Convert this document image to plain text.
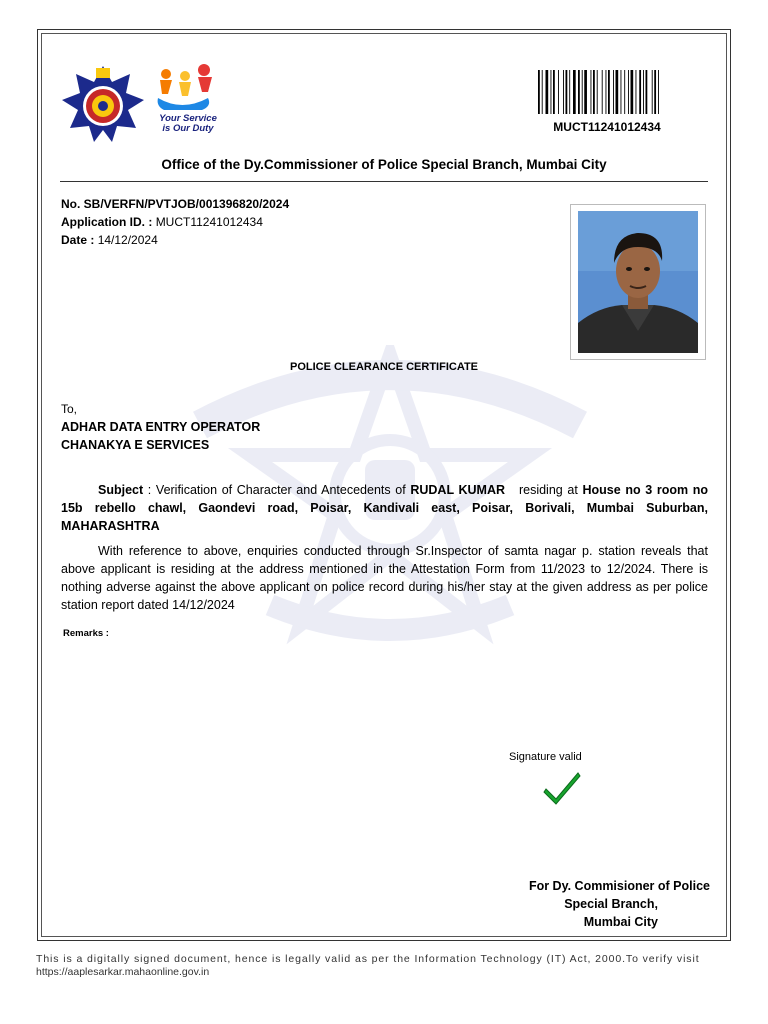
Your Service
is Our Duty	MUCT11241012434
Office of the Dy.Commissioner of Police Special Branch, Mumbai City
No. SB/VERFN/PVTJOB/001396820/2024
Application ID. : MUCT11241012434
Date : 14/12/2024
POLICE CLEARANCE CERTIFICATE
To,
ADHAR DATA ENTRY OPERATOR
CHANAKYA E SERVICES
Subject : Verification of Character and Antecedents of RUDAL KUMAR residing at House no 3 room no 15b rebello chawl, Gaondevi road, Poisar, Kandivali east, Poisar, Borivali, Mumbai Suburban, MAHARASHTRA
With reference to above, enquiries conducted through Sr.Inspector of samta nagar p. station reveals that above applicant is residing at the address mentioned in the Attestation Form from 11/2023 to 12/2024. There is nothing adverse against the above applicant on police record during his/her stay at the given address as per police station report dated 14/12/2024
Remarks :
Signature valid
For Dy. Commisioner of Police
Special Branch,
Mumbai City
This is a digitally signed document, hence is legally valid as per the Information Technology (IT) Act, 2000.To verify visit
https://aaplesarkar.mahaonline.gov.in
